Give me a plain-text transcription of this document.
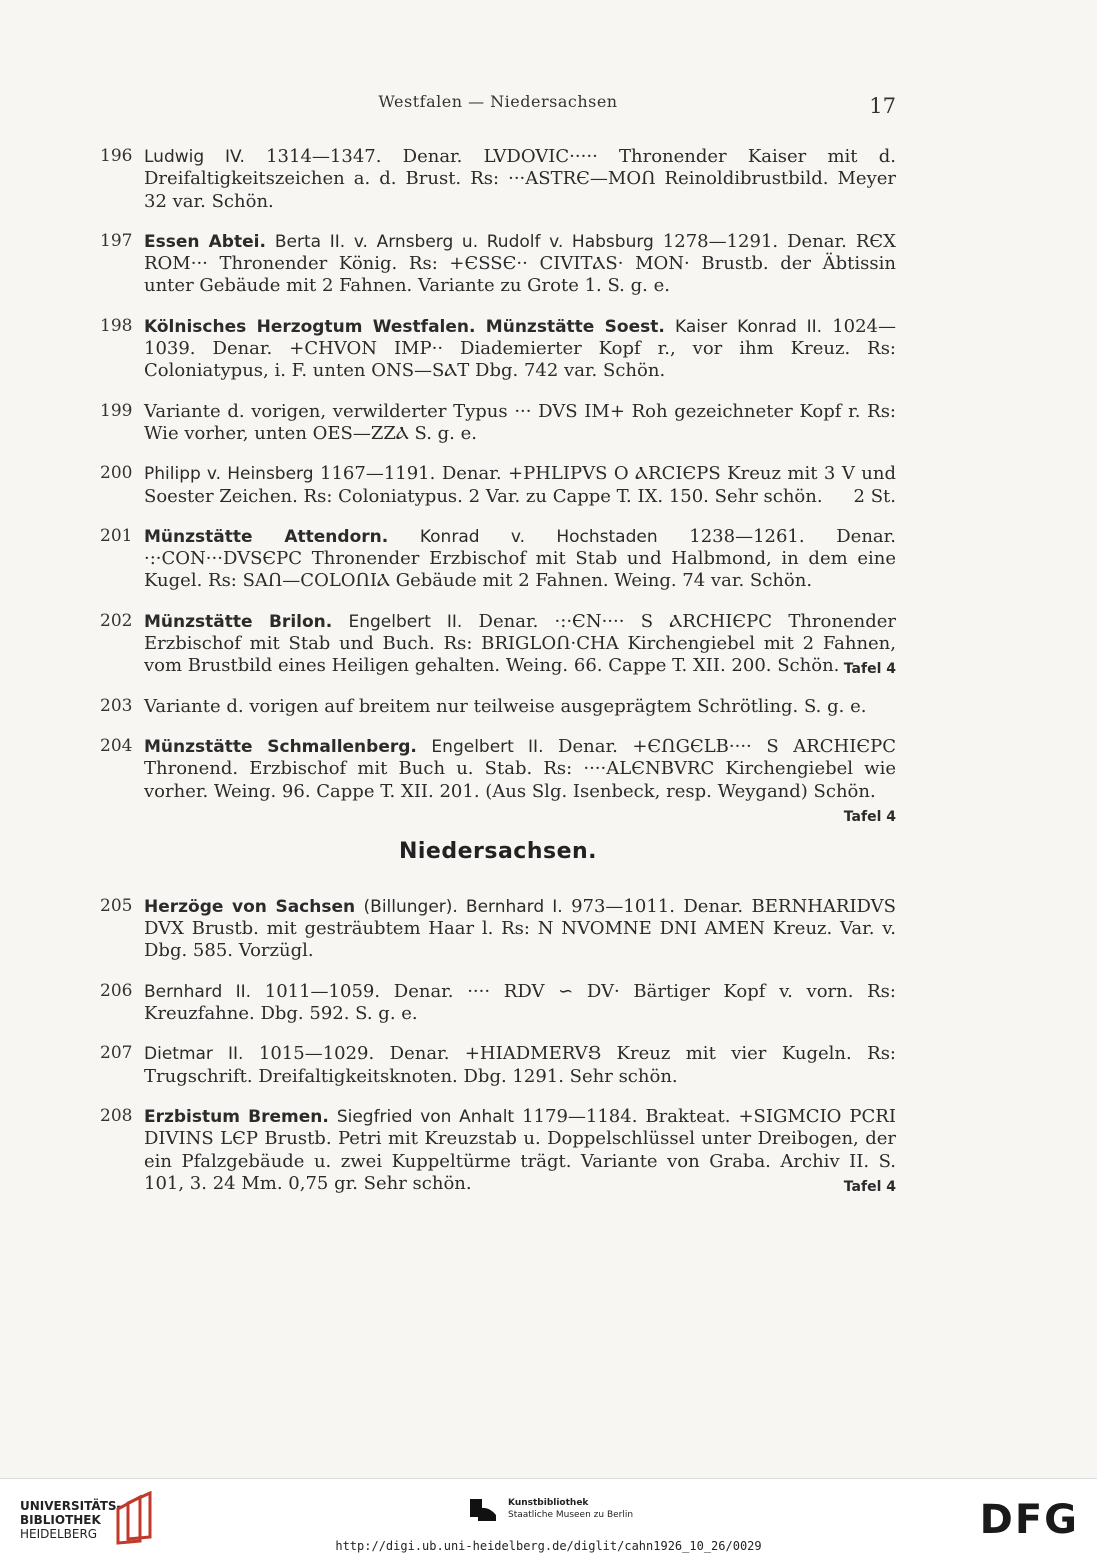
Westfalen — Niedersachsen	17
196 Ludwig IV. 1314—1347. Denar. LVDOVIC····· Thronender Kaiser mit d. Dreifaltigkeitszeichen a. d. Brust. Rs: ···ASTRЄ—MOՈ Reinoldibrustbild. Meyer 32 var. Schön.
197 Essen Abtei. Berta II. v. Arnsberg u. Rudolf v. Habsburg 1278—1291. Denar. RЄX ROM··· Thronender König. Rs: +ЄSSЄ·· CIVITⲀS· MON· Brustb. der Äbtissin unter Gebäude mit 2 Fahnen. Variante zu Grote 1. S. g. e.
198 Kölnisches Herzogtum Westfalen. Münzstätte Soest. Kaiser Konrad II. 1024—1039. Denar. +CHVON IMP·· Diademierter Kopf r., vor ihm Kreuz. Rs: Coloniatypus, i. F. unten ONS—SⲀT Dbg. 742 var. Schön.
199 Variante d. vorigen, verwilderter Typus ··· DVS IM+ Roh gezeichneter Kopf r. Rs: Wie vorher, unten OES—ZZⲀ S. g. e.
200 Philipp v. Heinsberg 1167—1191. Denar. +PHLIPVS O ⲀRCIЄPS Kreuz mit 3 V und Soester Zeichen. Rs: Coloniatypus. 2 Var. zu Cappe T. IX. 150. Sehr schön. 2 St.
201 Münzstätte Attendorn. Konrad v. Hochstaden 1238—1261. Denar. ·:·CON···DVSЄPC Thronender Erzbischof mit Stab und Halbmond, in dem eine Kugel. Rs: SAՈ—COLOՈIⲀ Gebäude mit 2 Fahnen. Weing. 74 var. Schön.
202 Münzstätte Brilon. Engelbert II. Denar. ·:·ЄN···· S ⲀRCHIЄPC Thronender Erzbischof mit Stab und Buch. Rs: BRIGLOՈ·CHA Kirchengiebel mit 2 Fahnen, vom Brustbild eines Heiligen gehalten. Weing. 66. Cappe T. XII. 200. Schön. Tafel 4
203 Variante d. vorigen auf breitem nur teilweise ausgeprägtem Schrötling. S. g. e.
204 Münzstätte Schmallenberg. Engelbert II. Denar. +ЄՈGЄLB···· S ARCHIЄPC Thronend. Erzbischof mit Buch u. Stab. Rs: ····ALЄNBVRC Kirchengiebel wie vorher. Weing. 96. Cappe T. XII. 201. (Aus Slg. Isenbeck, resp. Weygand) Schön.
Tafel 4
Niedersachsen.
205 Herzöge von Sachsen (Billunger). Bernhard I. 973—1011. Denar. BERNHARIDVS DVX Brustb. mit gesträubtem Haar l. Rs: N NVOMNE DNI AMEN Kreuz. Var. v. Dbg. 585. Vorzügl.
206 Bernhard II. 1011—1059. Denar. ···· RDV ∽ DV· Bärtiger Kopf v. vorn. Rs: Kreuzfahne. Dbg. 592. S. g. e.
207 Dietmar II. 1015—1029. Denar. +HIADMERVՑ Kreuz mit vier Kugeln. Rs: Trugschrift. Dreifaltigkeitsknoten. Dbg. 1291. Sehr schön.
208 Erzbistum Bremen. Siegfried von Anhalt 1179—1184. Brakteat. +SIGMCIO PCRI DIVINS LЄP Brustb. Petri mit Kreuzstab u. Doppelschlüssel unter Dreibogen, der ein Pfalzgebäude u. zwei Kuppeltürme trägt. Variante von Graba. Archiv II. S. 101, 3. 24 Mm. 0,75 gr. Sehr schön.	Tafel 4
UNIVERSITÄTS-
BIBLIOTHEK
HEIDELBERG
Kunstbibliothek
Staatliche Museen zu Berlin	DFG
http://digi.ub.uni-heidelberg.de/diglit/cahn1926_10_26/0029
